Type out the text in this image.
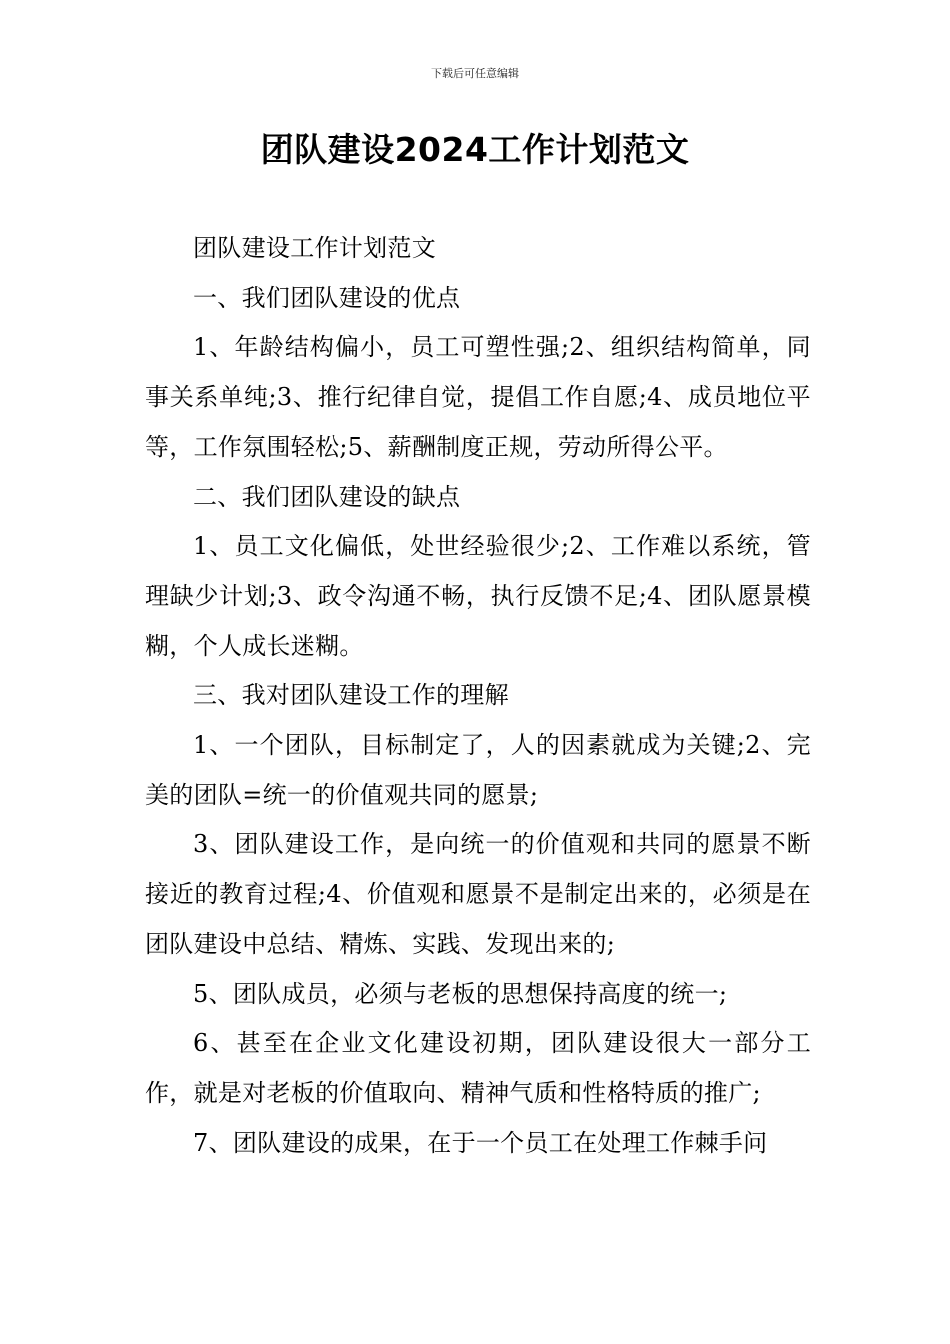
下载后可任意编辑
团队建设2024工作计划范文

团队建设工作计划范文

一、我们团队建设的优点

1、年龄结构偏小，员工可塑性强;2、组织结构简单，同事关系单纯;3、推行纪律自觉，提倡工作自愿;4、成员地位平等，工作氛围轻松;5、薪酬制度正规，劳动所得公平。

二、我们团队建设的缺点

1、员工文化偏低，处世经验很少;2、工作难以系统，管理缺少计划;3、政令沟通不畅，执行反馈不足;4、团队愿景模糊，个人成长迷糊。

三、我对团队建设工作的理解

1、一个团队，目标制定了，人的因素就成为关键;2、完美的团队=统一的价值观共同的愿景;

3、团队建设工作，是向统一的价值观和共同的愿景不断接近的教育过程;4、价值观和愿景不是制定出来的，必须是在团队建设中总结、精炼、实践、发现出来的;

5、团队成员，必须与老板的思想保持高度的统一;

6、甚至在企业文化建设初期，团队建设很大一部分工作，就是对老板的价值取向、精神气质和性格特质的推广;

7、团队建设的成果，在于一个员工在处理工作棘手问
